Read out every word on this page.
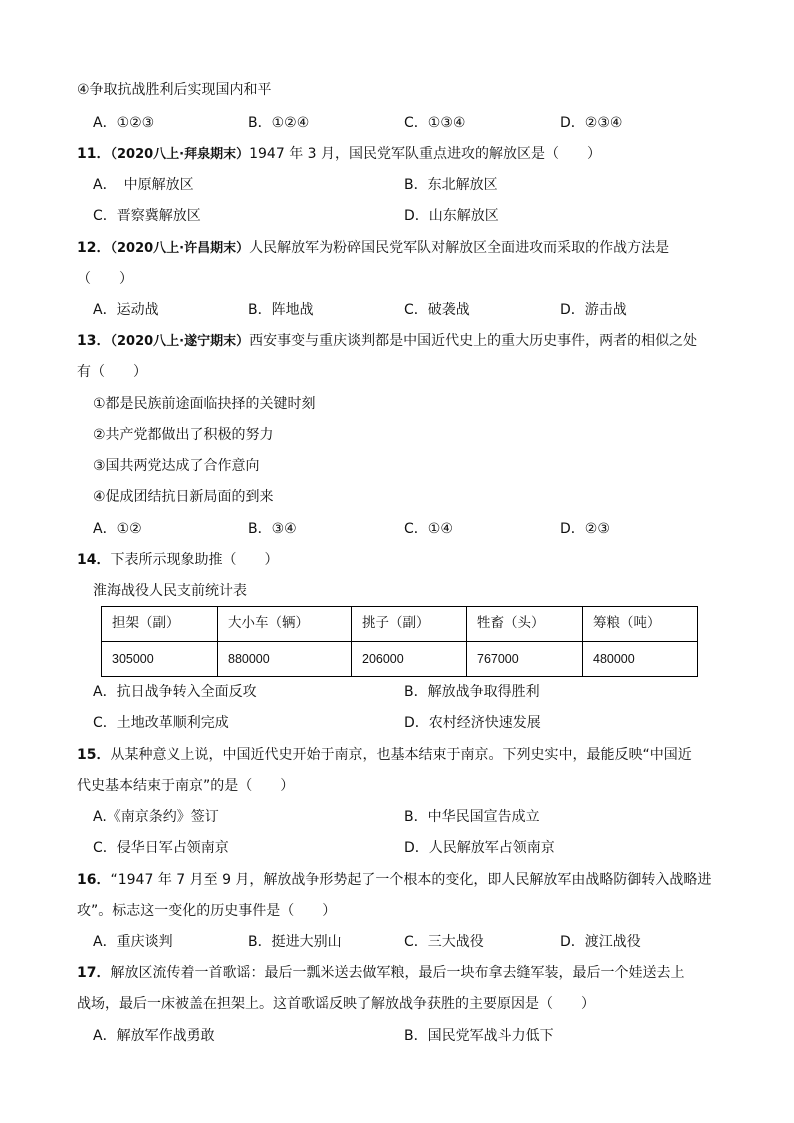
④争取抗战胜利后实现国内和平
A．①②③	B．①②④	C．①③④	D．②③④
11．（2020八上·拜泉期末）1947 年 3 月，国民党军队重点进攻的解放区是（　　）
A．　中原解放区	B．东北解放区
C．晋察冀解放区	D．山东解放区
12．（2020八上·许昌期末）人民解放军为粉碎国民党军队对解放区全面进攻而采取的作战方法是
（　　）
A．运动战	B．阵地战	C．破袭战	D．游击战
13．（2020八上·遂宁期末）西安事变与重庆谈判都是中国近代史上的重大历史事件，两者的相似之处
有（　　）
①都是民族前途面临抉择的关键时刻
②共产党都做出了积极的努力
③国共两党达成了合作意向
④促成团结抗日新局面的到来
A．①②	B．③④	C．①④	D．②③
14．下表所示现象助推（　　）
淮海战役人民支前统计表
担架（副）	大小车（辆）	挑子（副）	牲畜（头）	筹粮（吨）
305000	880000	206000	767000	480000
A．抗日战争转入全面反攻	B．解放战争取得胜利
C．土地改革顺利完成	D．农村经济快速发展
15．从某种意义上说，中国近代史开始于南京，也基本结束于南京。下列史实中，最能反映“中国近
代史基本结束于南京”的是（　　）
A.《南京条约》签订	B．中华民国宣告成立
C．侵华日军占领南京	D．人民解放军占领南京
16．“1947 年 7 月至 9 月，解放战争形势起了一个根本的变化，即人民解放军由战略防御转入战略进
攻”。标志这一变化的历史事件是（　　）
A．重庆谈判	B．挺进大别山	C．三大战役	D．渡江战役
17．解放区流传着一首歌谣：最后一瓢米送去做军粮，最后一块布拿去缝军装，最后一个娃送去上
战场，最后一床被盖在担架上。这首歌谣反映了解放战争获胜的主要原因是（　　）
A．解放军作战勇敢	B．国民党军战斗力低下
